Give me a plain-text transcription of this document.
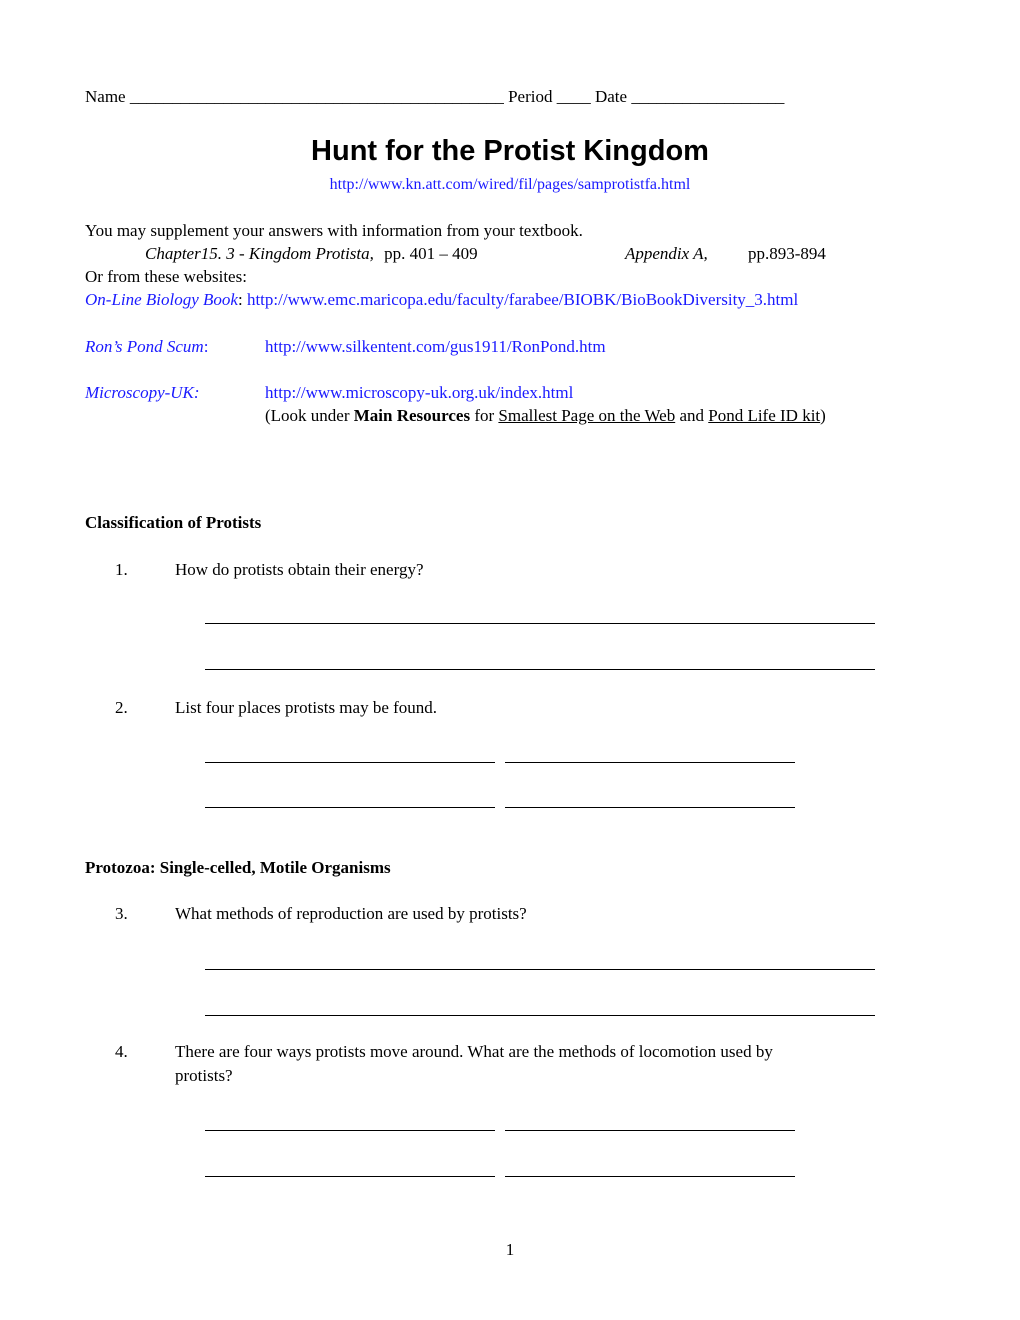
Name ____________________________________________ Period ____ Date __________________
Hunt for the Protist Kingdom
http://www.kn.att.com/wired/fil/pages/samprotistfa.html
You may supplement your answers with information from your textbook.
Chapter15. 3 - Kingdom Protista, pp. 401 – 409	Appendix A, pp.893-894
Or from these websites:
On-Line Biology Book: http://www.emc.maricopa.edu/faculty/farabee/BIOBK/BioBookDiversity_3.html
Ron’s Pond Scum:	http://www.silkentent.com/gus1911/RonPond.htm
Microscopy-UK:	http://www.microscopy-uk.org.uk/index.html
(Look under Main Resources for Smallest Page on the Web and Pond Life ID kit)
Classification of Protists
1.	How do protists obtain their energy?
2.	List four places protists may be found.
Protozoa: Single-celled, Motile Organisms
3.	What methods of reproduction are used by protists?
4.	There are four ways protists move around. What are the methods of locomotion used by
protists?
1
